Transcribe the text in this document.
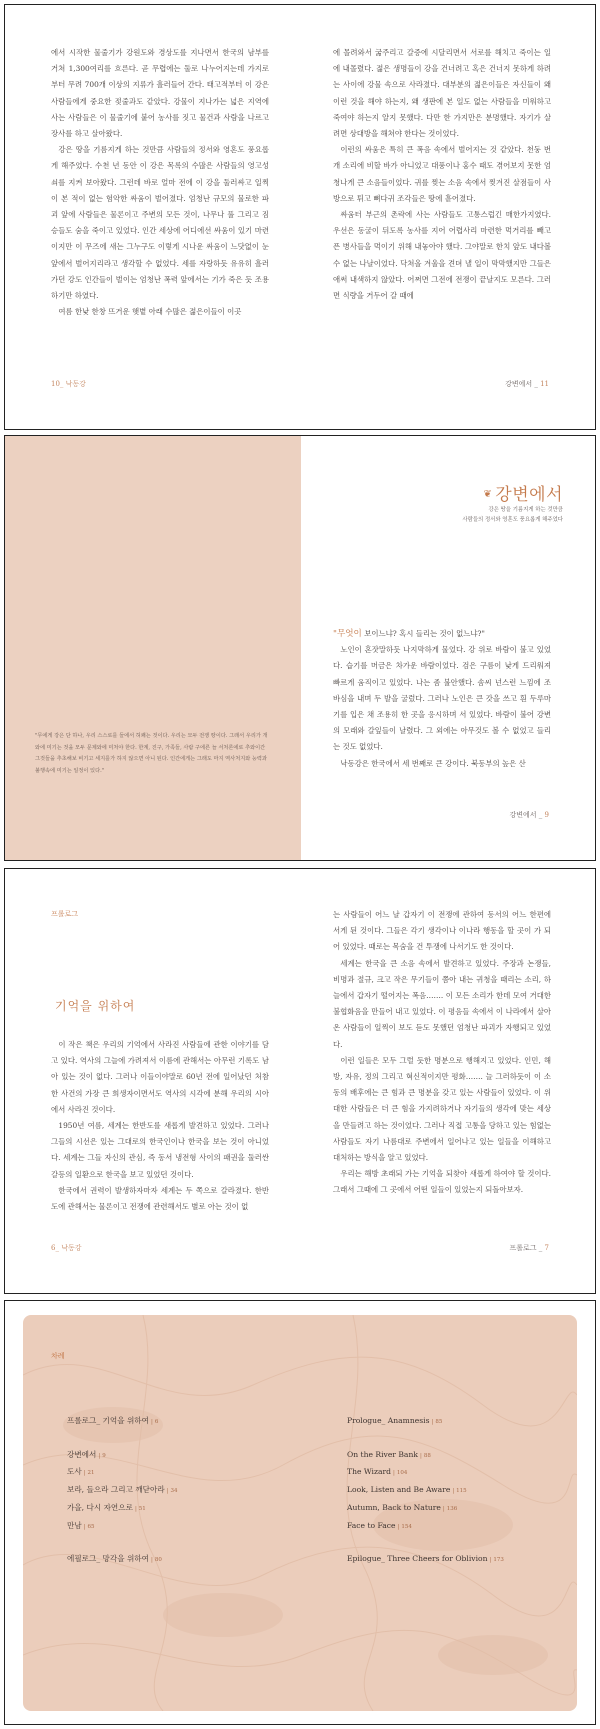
에서 시작한 물줄기가 강원도와 경상도를 지나면서 한국의 남부를 거쳐 1,300여리를 흐른다. 곧 무렵에는 둘로 나누어지는데 가지로부터 무려 700개 이상의 지류가 흘러들어 간다. 태고적부터 이 강은 사람들에게 중요한 젖줄과도 같았다. 강물이 지나가는 넓은 지역에 사는 사람들은 이 물줄기에 붙어 농사를 짓고 물건과 사람을 나르고 장사를 하고 살아왔다.

강은 땅을 기름지게 하는 것만큼 사람들의 정서와 영혼도 풍요롭게 해주었다. 수천 년 동안 이 강은 목록의 수많은 사람들의 영고성쇠를 지켜 보아왔다. 그런데 바로 얼마 전에 이 강을 둘러싸고 일찍이 본 적이 없는 험악한 싸움이 벌어졌다. 엄청난 규모의 물로한 파괴 앞에 사람들은 물론이고 주변의 모든 것이, 나무나 풀 그리고 짐승들도 숨을 죽이고 있었다. 인간 세상에 어디에선 싸움이 있기 마련이지만 이 무즈에 새는 그누구도 이렇게 시나운 싸움이 느닷없이 눈앞에서 벌어지리라고 생각할 수 없었다. 세를 자랑하듯 유유히 흘러가던 강도 인간들이 벌이는 엄청난 폭력 앞에서는 기가 죽은 듯 조용하기만 하였다.

여름 한낮 한창 뜨거운 햇볕 아래 수많은 젊은이들이 이곳

10_ 낙동강

에 몰려와서 굶주리고 갈증에 시달리면서 서로를 해치고 죽이는 일에 내몰렸다. 젊은 생명들이 강을 건너려고 혹은 건너지 못하게 하려는 사이에 강물 속으로 사라졌다. 대부분의 젊은이들은 자신들이 왜 이런 것을 해야 하는지, 왜 생판에 본 일도 없는 사람들을 미워하고 죽여야 하는지 알지 못했다. 다만 한 가지만은 분명했다. 자기가 살려면 상대방을 해쳐야 한다는 것이었다.

이런의 싸움은 특히 큰 폭음 속에서 벌어지는 것 같았다. 천둥 번개 소리에 비할 바가 아니었고 대풍이나 홍수 때도 겪어보지 못한 엄청나게 큰 소음들이었다. 귀를 찢는 소음 속에서 찢겨진 살점들이 사방으로 튀고 뼈다귀 조각들은 땅에 흩어졌다.

싸움터 부근의 촌락에 사는 사람들도 고통스럽긴 매한가지였다. 우선은 동굴이 뒤도록 농사를 지어 어렵사리 마련한 먹거리를 빼고픈 병사들을 먹이기 위해 내놓아야 했다. 그야말로 한치 앞도 내다볼 수 없는 나날이었다. 닥쳐올 겨울을 견뎌 낼 일이 막막했지만 그들은 애써 내색하지 않았다. 어쩌면 그전에 전쟁이 끝날지도 모른다. 그러면 식량을 거두어 갈 때에

강변에서 _ 11
"무에게 강은 단 하나, 우리 스스로를 들에서 허쾌는 것이다. 우리는 모두 전쟁 땅이다. 그래서 우리가 개와에 미기는 것을 모두 문제와에 미처야 한다. 한계, 진구, 가족들, 사람 구에른 늘 서처론에로 추와이간 그것들을 추초해보 비기고 세지를가 하지 않으면 아니 된다. 인간에게는 그래도 마지 역사처지와 능력과 불행속에 미기는 일정이 있다."
❦ 강변에서
강은 땅을 기름지게 하는 것만큼
사람들의 정서와 영혼도 풍요롭게 해주었다

"무엇이 보이느냐? 혹시 들리는 것이 없느냐?"

노인이 혼잣말하듯 나지막하게 물었다. 강 위로 바람이 불고 있었다. 습기를 머금은 차가운 바람이었다. 검은 구름이 낮게 드리워져 빠르게 움직이고 있었다. 나는 좀 불안했다. 솜씨 넌스런 느낌에 조바심을 내며 두 발을 굴렀다. 그러나 노인은 큰 갓을 쓰고 흰 두루마기를 입은 채 조용히 한 곳을 응시하며 서 있었다. 바람이 불어 강변의 모래와 갈잎들이 날렸다. 그 외에는 아무것도 볼 수 없었고 들리는 것도 없었다.

낙동강은 한국에서 세 번째로 큰 강이다. 북동부의 높은 산

강변에서 _ 9
프롤로그
기억을 위하여

이 작은 책은 우리의 기억에서 사라진 사람들에 관한 이야기를 담고 있다. 역사의 그늘에 가려져서 이름에 관해서는 아무런 기록도 남아 있는 것이 없다. 그러나 이들이야말로 60년 전에 일어났던 처참한 사건의 가장 큰 희생자이면서도 역사의 시각에 분해 우리의 시아에서 사라진 것이다.

1950년 여름, 세계는 한반도를 새롭게 발견하고 있었다. 그러나 그들의 시선은 있는 그대로의 한국인이나 한국을 보는 것이 아니었다. 세계는 그들 자신의 관심, 즉 동서 냉전형 사이의 패권을 둘러싼 갈등의 일환으로 한국을 보고 있었던 것이다.

한국에서 권력이 발생하자마자 세계는 두 쪽으로 갈라졌다. 한반도에 관해서는 물론이고 전쟁에 관련해서도 별로 아는 것이 없

6_ 낙동강

는 사람들이 어느 날 갑자기 이 전쟁에 관하여 동서의 어느 한편에 서게 된 것이다. 그들은 각기 생각이나 이나라 행동을 할 곳이 가 되어 있었다. 때로는 목숨을 건 투쟁에 나서기도 한 것이다.

세계는 한국을 큰 소음 속에서 발견하고 있었다. 주장과 논쟁들, 비명과 절규, 크고 작은 무기들이 쯤아 내는 귀청을 때리는 소리, 하늘에서 갑자기 떨어지는 폭음……. 이 모든 소리가 한데 모여 거대한 불협화음을 만들어 내고 있었다. 이 평음들 속에서 이 나라에서 살아온 사람들이 일찍이 보도 듣도 못했던 엄청난 파괴가 자행되고 있었다.

이런 일들은 모두 그럴 듯한 명분으로 행해지고 있었다. 인민, 해방, 자유, 정의 그리고 혁신적이지만 평화……. 늘 그러하듯이 이 소동의 배후에는 큰 힘과 큰 명분을 갖고 있는 사람들이 있었다. 이 위대한 사람들은 더 큰 힘을 가지려하거나 자기들의 생각에 맞는 세상을 만들려고 하는 것이었다. 그러나 직접 고통을 당하고 있는 힘없는 사람들도 자기 나름대로 주변에서 일어나고 있는 일들을 이해하고 대처하는 방식을 알고 있었다.

우리는 해방 초래되 가는 기억을 되찾아 새롭게 하여야 할 것이다. 그래서 그때에 그 곳에서 어떤 일들이 있었는지 되돌아보자.

프롤로그 _ 7
차례
프롤로그_ 기억을 위하여 | 6
강변에서 | 9
도사 | 21
보라, 들으라 그리고 깨닫아라 | 34
가을, 다시 자연으로 | 51
만남 | 65
에필로그_ 망각을 위하여 | 80
Prologue_ Anamnesis | 85
On the River Bank | 88
The Wizard | 104
Look, Listen and Be Aware | 115
Autumn, Back to Nature | 136
Face to Face | 154
Epilogue_ Three Cheers for Oblivion | 173
